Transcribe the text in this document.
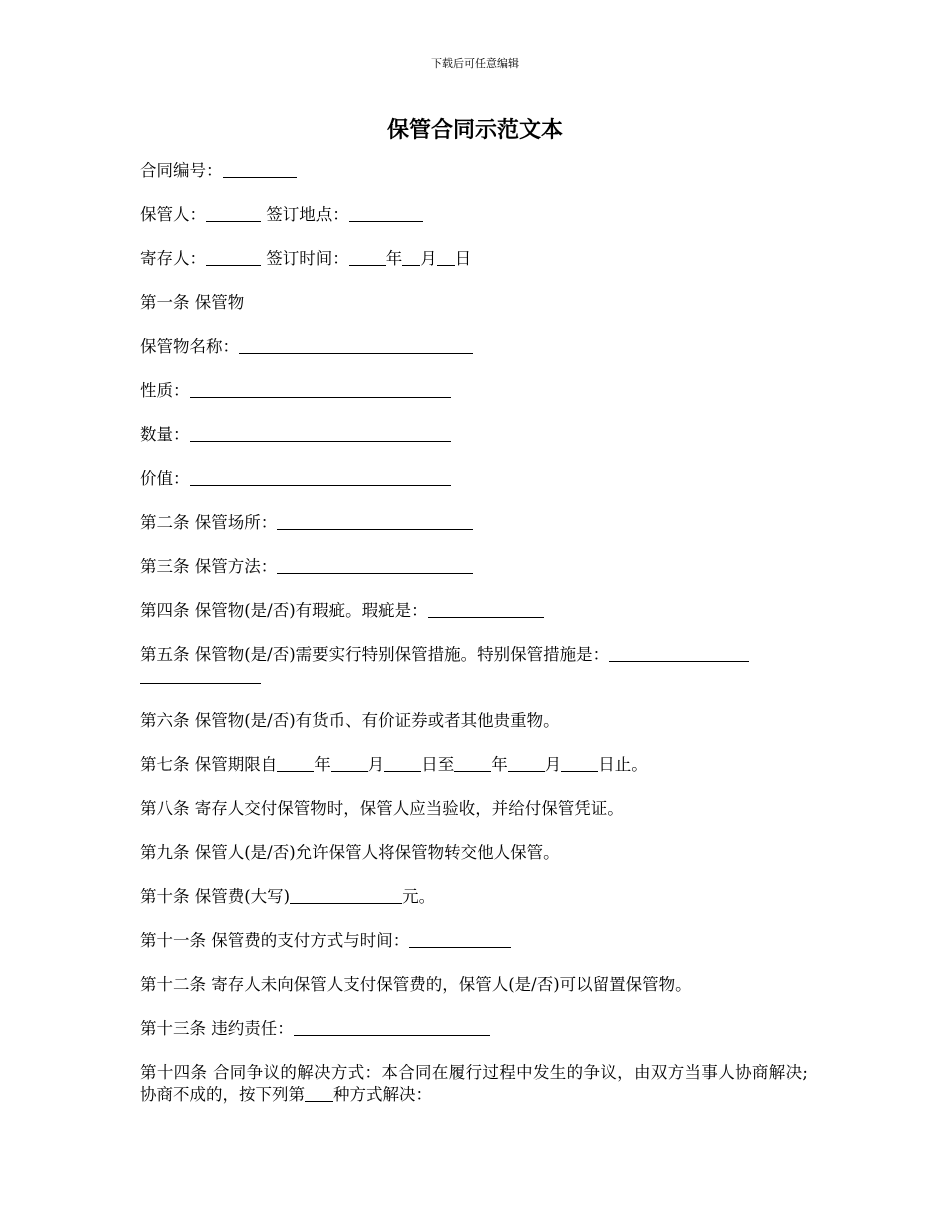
下载后可任意编辑
保管合同示范文本
合同编号：
保管人：	签订地点：
寄存人：	签订时间： 年 月 日
第一条 保管物
保管物名称：
性质：
数量：
价值：
第二条 保管场所：
第三条 保管方法：
第四条 保管物(是/否)有瑕疵。瑕疵是：
第五条 保管物(是/否)需要实行特别保管措施。特别保管措施是：
第六条 保管物(是/否)有货币、有价证券或者其他贵重物。
第七条 保管期限自 年 月 日至 年 月 日止。
第八条 寄存人交付保管物时，保管人应当验收，并给付保管凭证。
第九条 保管人(是/否)允许保管人将保管物转交他人保管。
第十条 保管费(大写)	元。
第十一条 保管费的支付方式与时间：
第十二条 寄存人未向保管人支付保管费的，保管人(是/否)可以留置保管物。
第十三条 违约责任：
第十四条 合同争议的解决方式：本合同在履行过程中发生的争议，由双方当事人协商解决;协商不成的，按下列第 种方式解决：
